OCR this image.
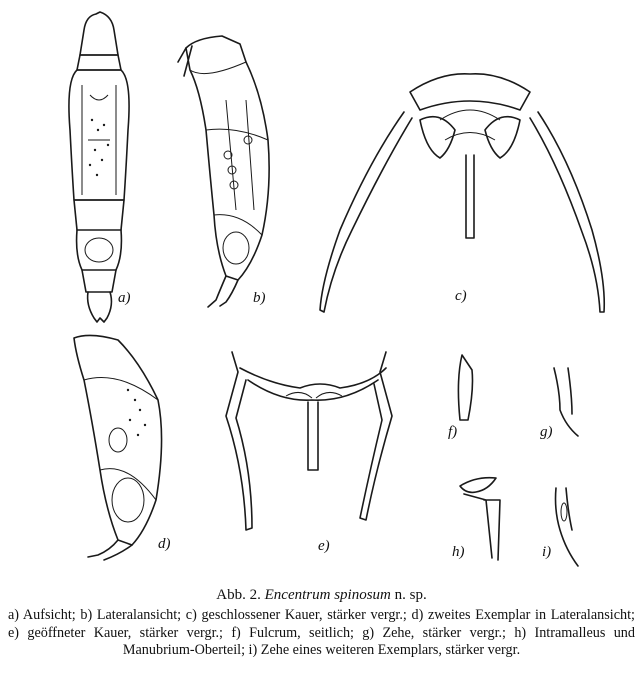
a)	b)	c)
d)	e)
f)	g)
h)	i)
Abb. 2. Encentrum spinosum n. sp.
a) Aufsicht; b) Lateralansicht; c) geschlossener Kauer, stärker vergr.; d) zweites Exemplar in Lateralansicht; e) geöffneter Kauer, stärker vergr.; f) Fulcrum, seitlich; g) Zehe, stärker vergr.; h) Intramalleus und Manubrium-Oberteil; i) Zehe eines weiteren Exemplars, stärker vergr.
